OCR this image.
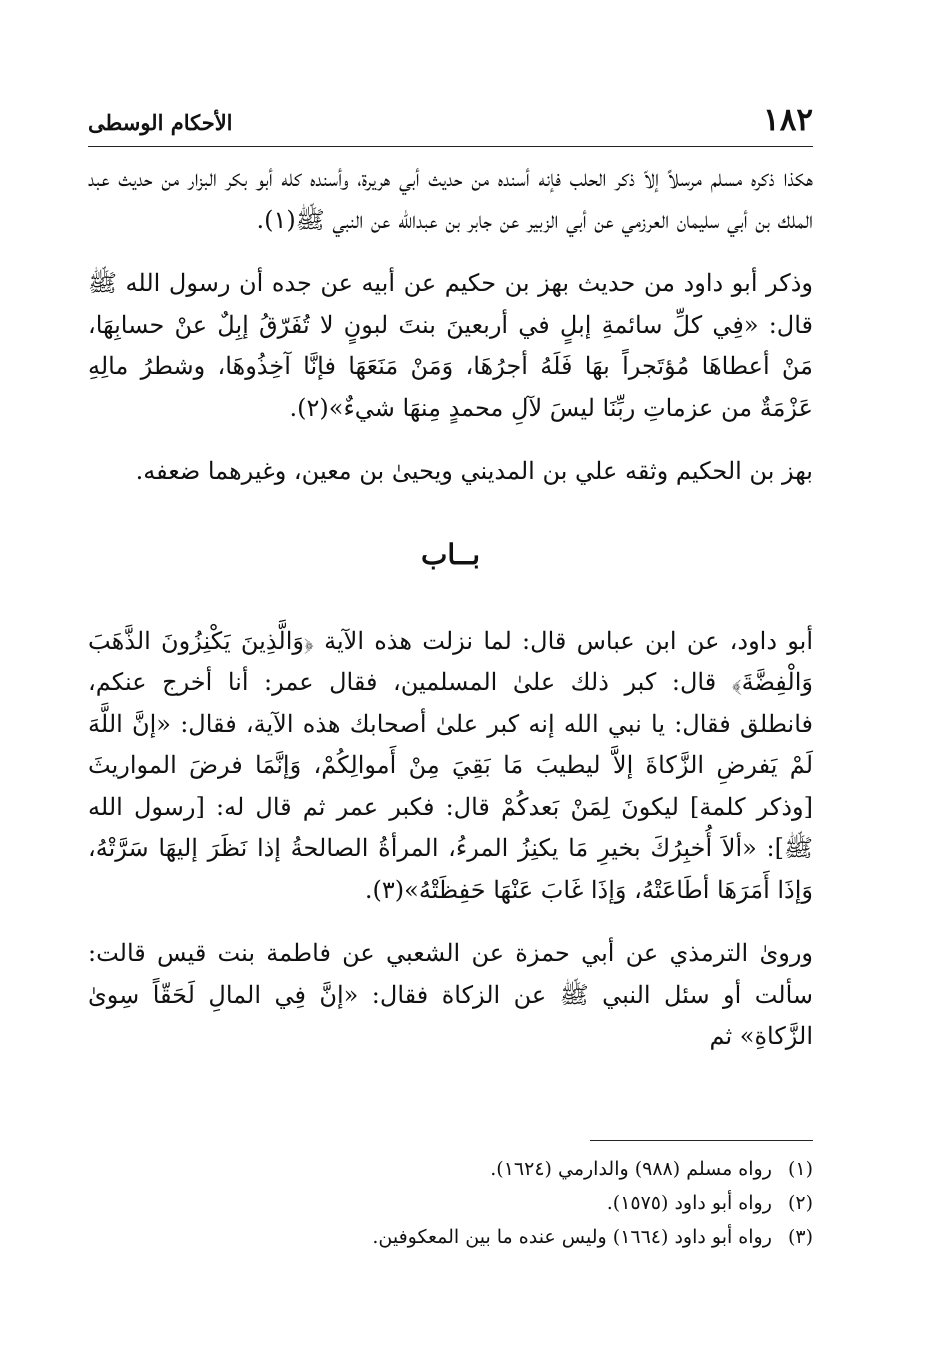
١٨٢
الأحكام الوسطى

هكذا ذكره مسلم مرسلاً إلاّ ذكر الحلب فإنه أسنده من حديث أبي هريرة، وأسنده كله أبو بكر البزار من حديث عبد الملك بن أبي سليمان العرزمي عن أبي الزبير عن جابر بن عبدالله عن النبي ﷺ(١).

وذكر أبو داود من حديث بهز بن حكيم عن أبيه عن جده أن رسول الله ﷺ قال: «فِي كلِّ سائمةِ إبلٍ في أربعينَ بنتَ لبونٍ لا تُفَرّقُ إبِلٌ عنْ حسابِهَا، مَنْ أعطاهَا مُؤتَجراً بهَا فَلَهُ أجرُهَا، وَمَنْ مَنَعَهَا فإنَّا آخِذُوهَا، وشطرُ مالِهِ عَزْمَةٌ من عزماتِ ربِّنَا ليسَ لآلِ محمدٍ مِنهَا شيءٌ»(٢).

بهز بن الحكيم وثقه علي بن المديني ويحيىٰ بن معين، وغيرهما ضعفه.

بــاب

أبو داود، عن ابن عباس قال: لما نزلت هذه الآية ﴿وَالَّذِينَ يَكْنِزُونَ الذَّهَبَ وَالْفِضَّةَ﴾ قال: كبر ذلك علىٰ المسلمين، فقال عمر: أنا أخرج عنكم، فانطلق فقال: يا نبي الله إنه كبر علىٰ أصحابك هذه الآية، فقال: «إنَّ اللَّهَ لَمْ يَفرضِ الزَّكاةَ إلاَّ ليطيبَ مَا بَقِيَ مِنْ أَموالِكُمْ، وَإنَّمَا فرضَ المواريثَ [وذكر كلمة] ليكونَ لِمَنْ بَعدكُمْ قال: فكبر عمر ثم قال له: [رسول الله ﷺ]: «ألاَ أُخبِرُكَ بخيرِ مَا يكنِزُ المرءُ، المرأةُ الصالحةُ إذا نَظَرَ إليهَا سَرَّتْهُ، وَإذَا أَمَرَهَا أطَاعَتْهُ، وَإذَا غَابَ عَنْهَا حَفِظَتْهُ»(٣).

وروىٰ الترمذي عن أبي حمزة عن الشعبي عن فاطمة بنت قيس قالت: سألت أو سئل النبي ﷺ عن الزكاة فقال: «إنَّ فِي المالِ لَحَقّاً سِوىٰ الزَّكاةِ» ثم

(١) رواه مسلم (٩٨٨) والدارمي (١٦٢٤).
(٢) رواه أبو داود (١٥٧٥).
(٣) رواه أبو داود (١٦٦٤) وليس عنده ما بين المعكوفين.
